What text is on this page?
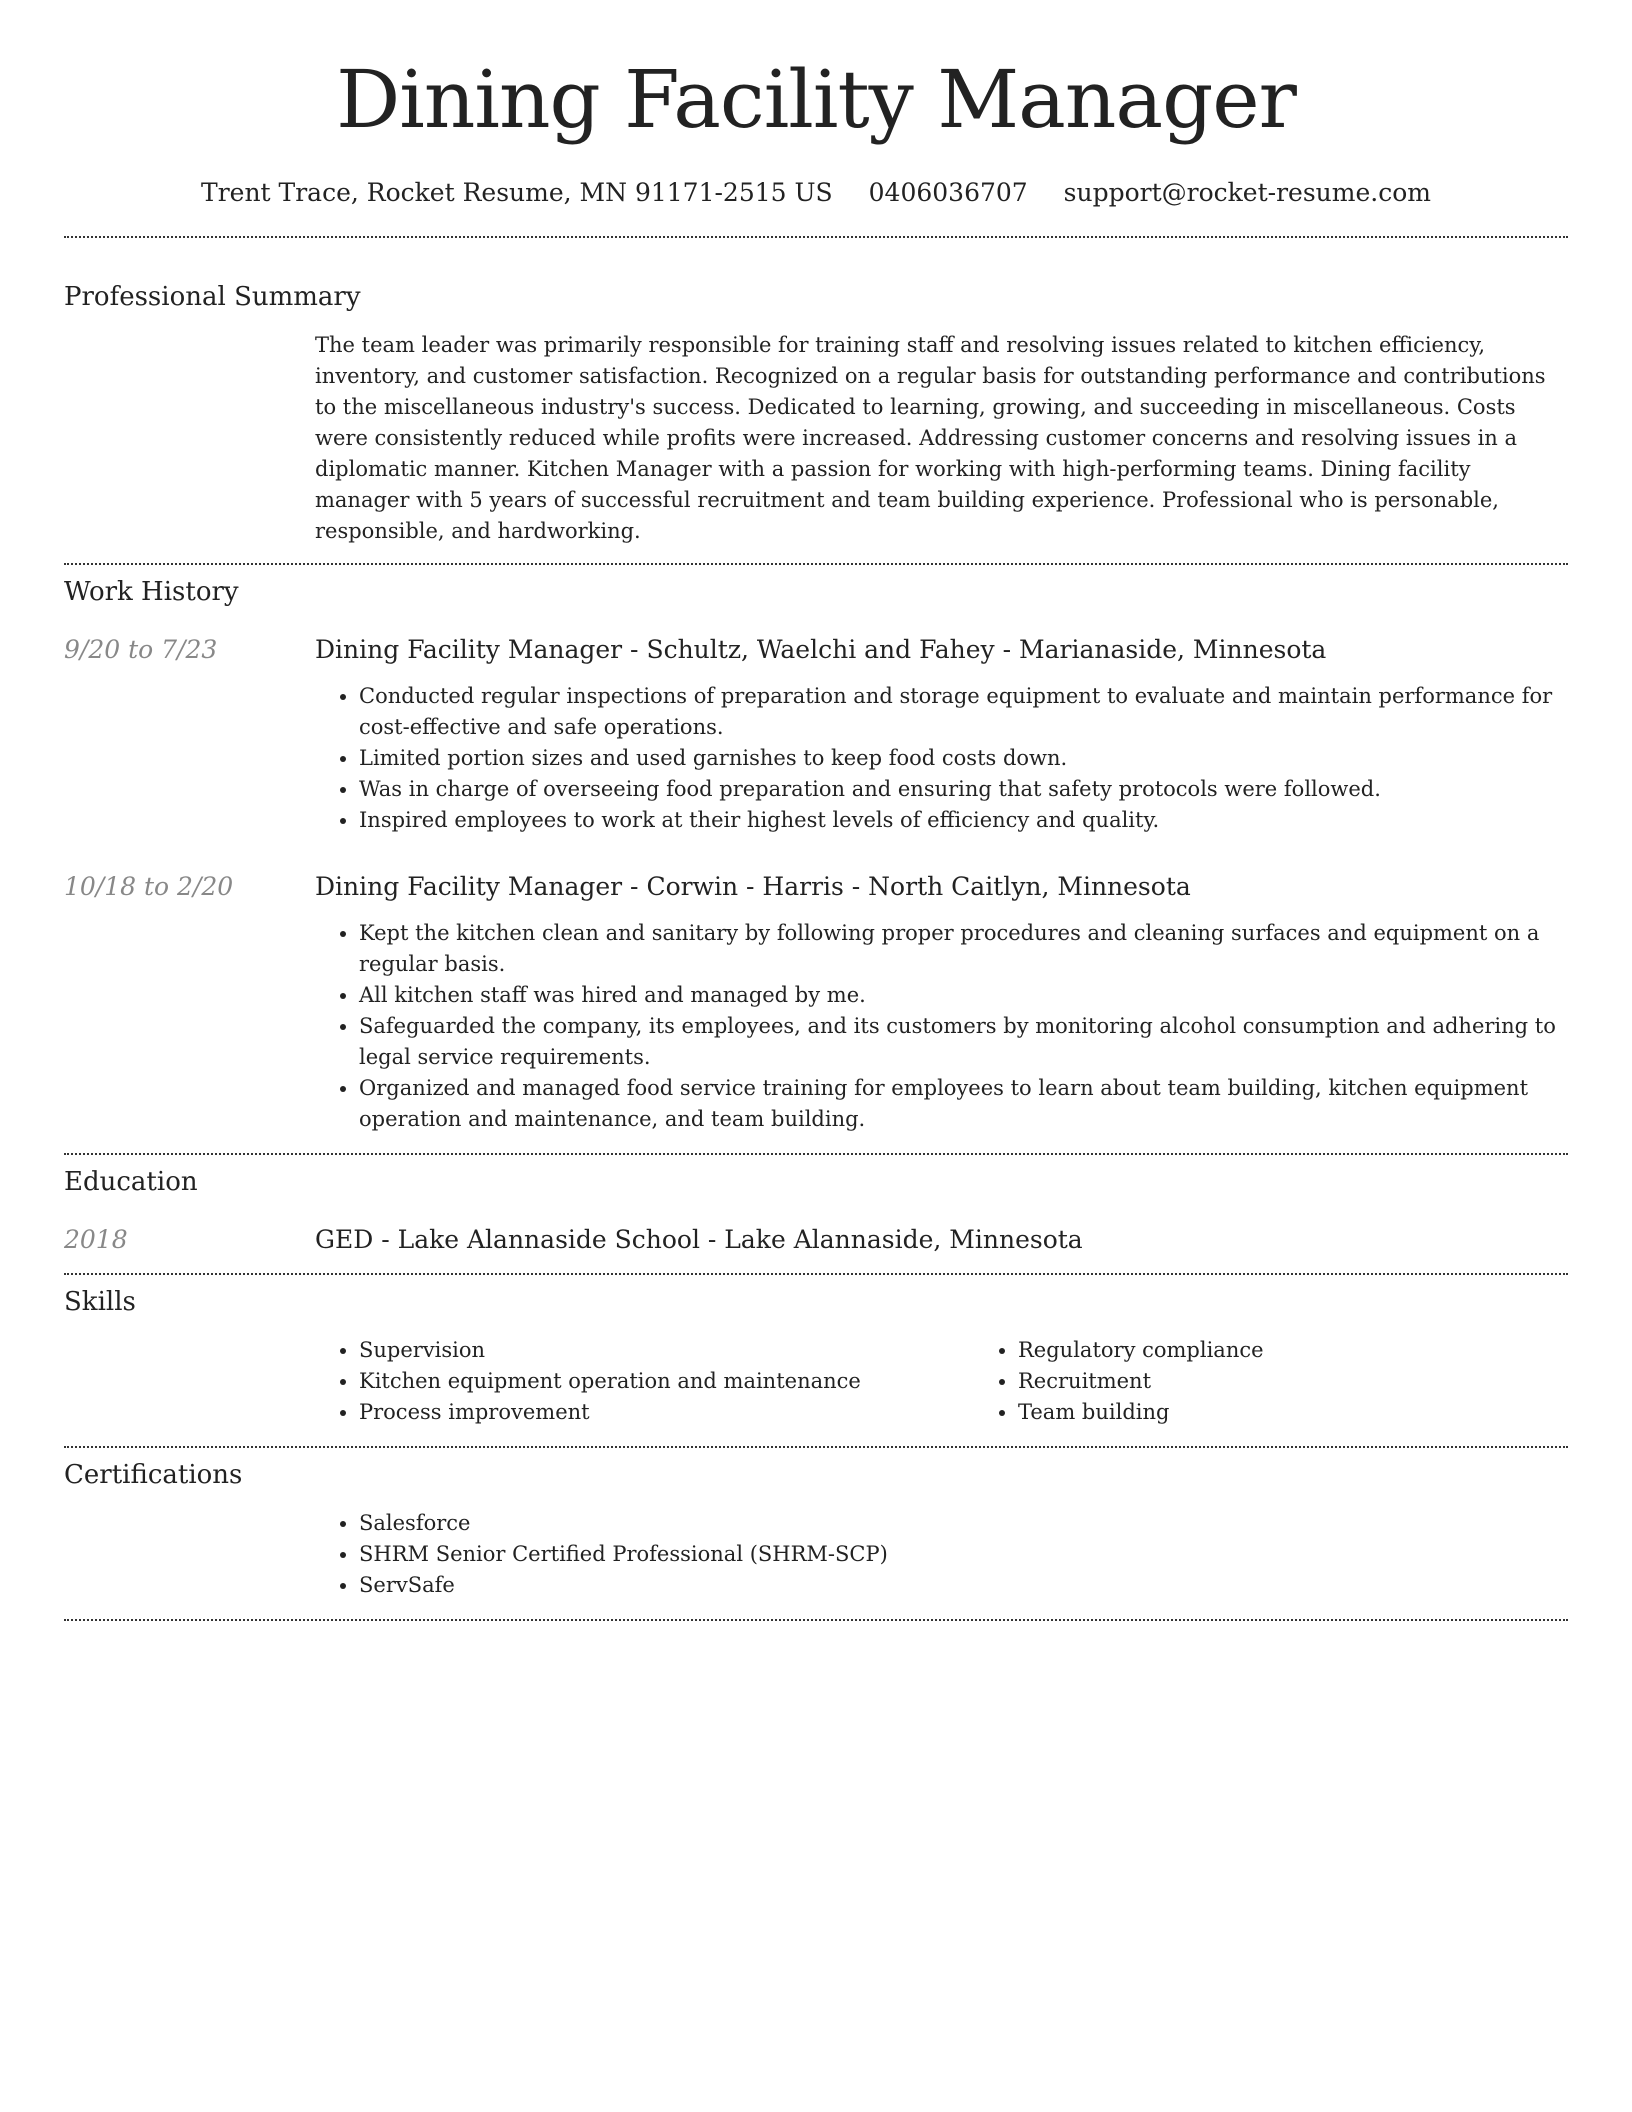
Dining Facility Manager
Trent Trace, Rocket Resume, MN 91171-2515 US 0406036707 support@rocket-resume.com
Professional Summary
The team leader was primarily responsible for training staff and resolving issues related to kitchen efficiency, inventory, and customer satisfaction. Recognized on a regular basis for outstanding performance and contributions to the miscellaneous industry's success. Dedicated to learning, growing, and succeeding in miscellaneous. Costs were consistently reduced while profits were increased. Addressing customer concerns and resolving issues in a diplomatic manner. Kitchen Manager with a passion for working with high-performing teams. Dining facility manager with 5 years of successful recruitment and team building experience. Professional who is personable, responsible, and hardworking.
Work History
9/20 to 7/23	Dining Facility Manager - Schultz, Waelchi and Fahey - Marianaside, Minnesota
• Conducted regular inspections of preparation and storage equipment to evaluate and maintain performance for cost-effective and safe operations.
• Limited portion sizes and used garnishes to keep food costs down.
• Was in charge of overseeing food preparation and ensuring that safety protocols were followed.
• Inspired employees to work at their highest levels of efficiency and quality.
10/18 to 2/20	Dining Facility Manager - Corwin - Harris - North Caitlyn, Minnesota
• Kept the kitchen clean and sanitary by following proper procedures and cleaning surfaces and equipment on a regular basis.
• All kitchen staff was hired and managed by me.
• Safeguarded the company, its employees, and its customers by monitoring alcohol consumption and adhering to legal service requirements.
• Organized and managed food service training for employees to learn about team building, kitchen equipment operation and maintenance, and team building.
Education
2018	GED - Lake Alannaside School - Lake Alannaside, Minnesota
Skills
• Supervision
• Kitchen equipment operation and maintenance
• Process improvement
• Regulatory compliance
• Recruitment
• Team building
Certifications
• Salesforce
• SHRM Senior Certified Professional (SHRM-SCP)
• ServSafe
